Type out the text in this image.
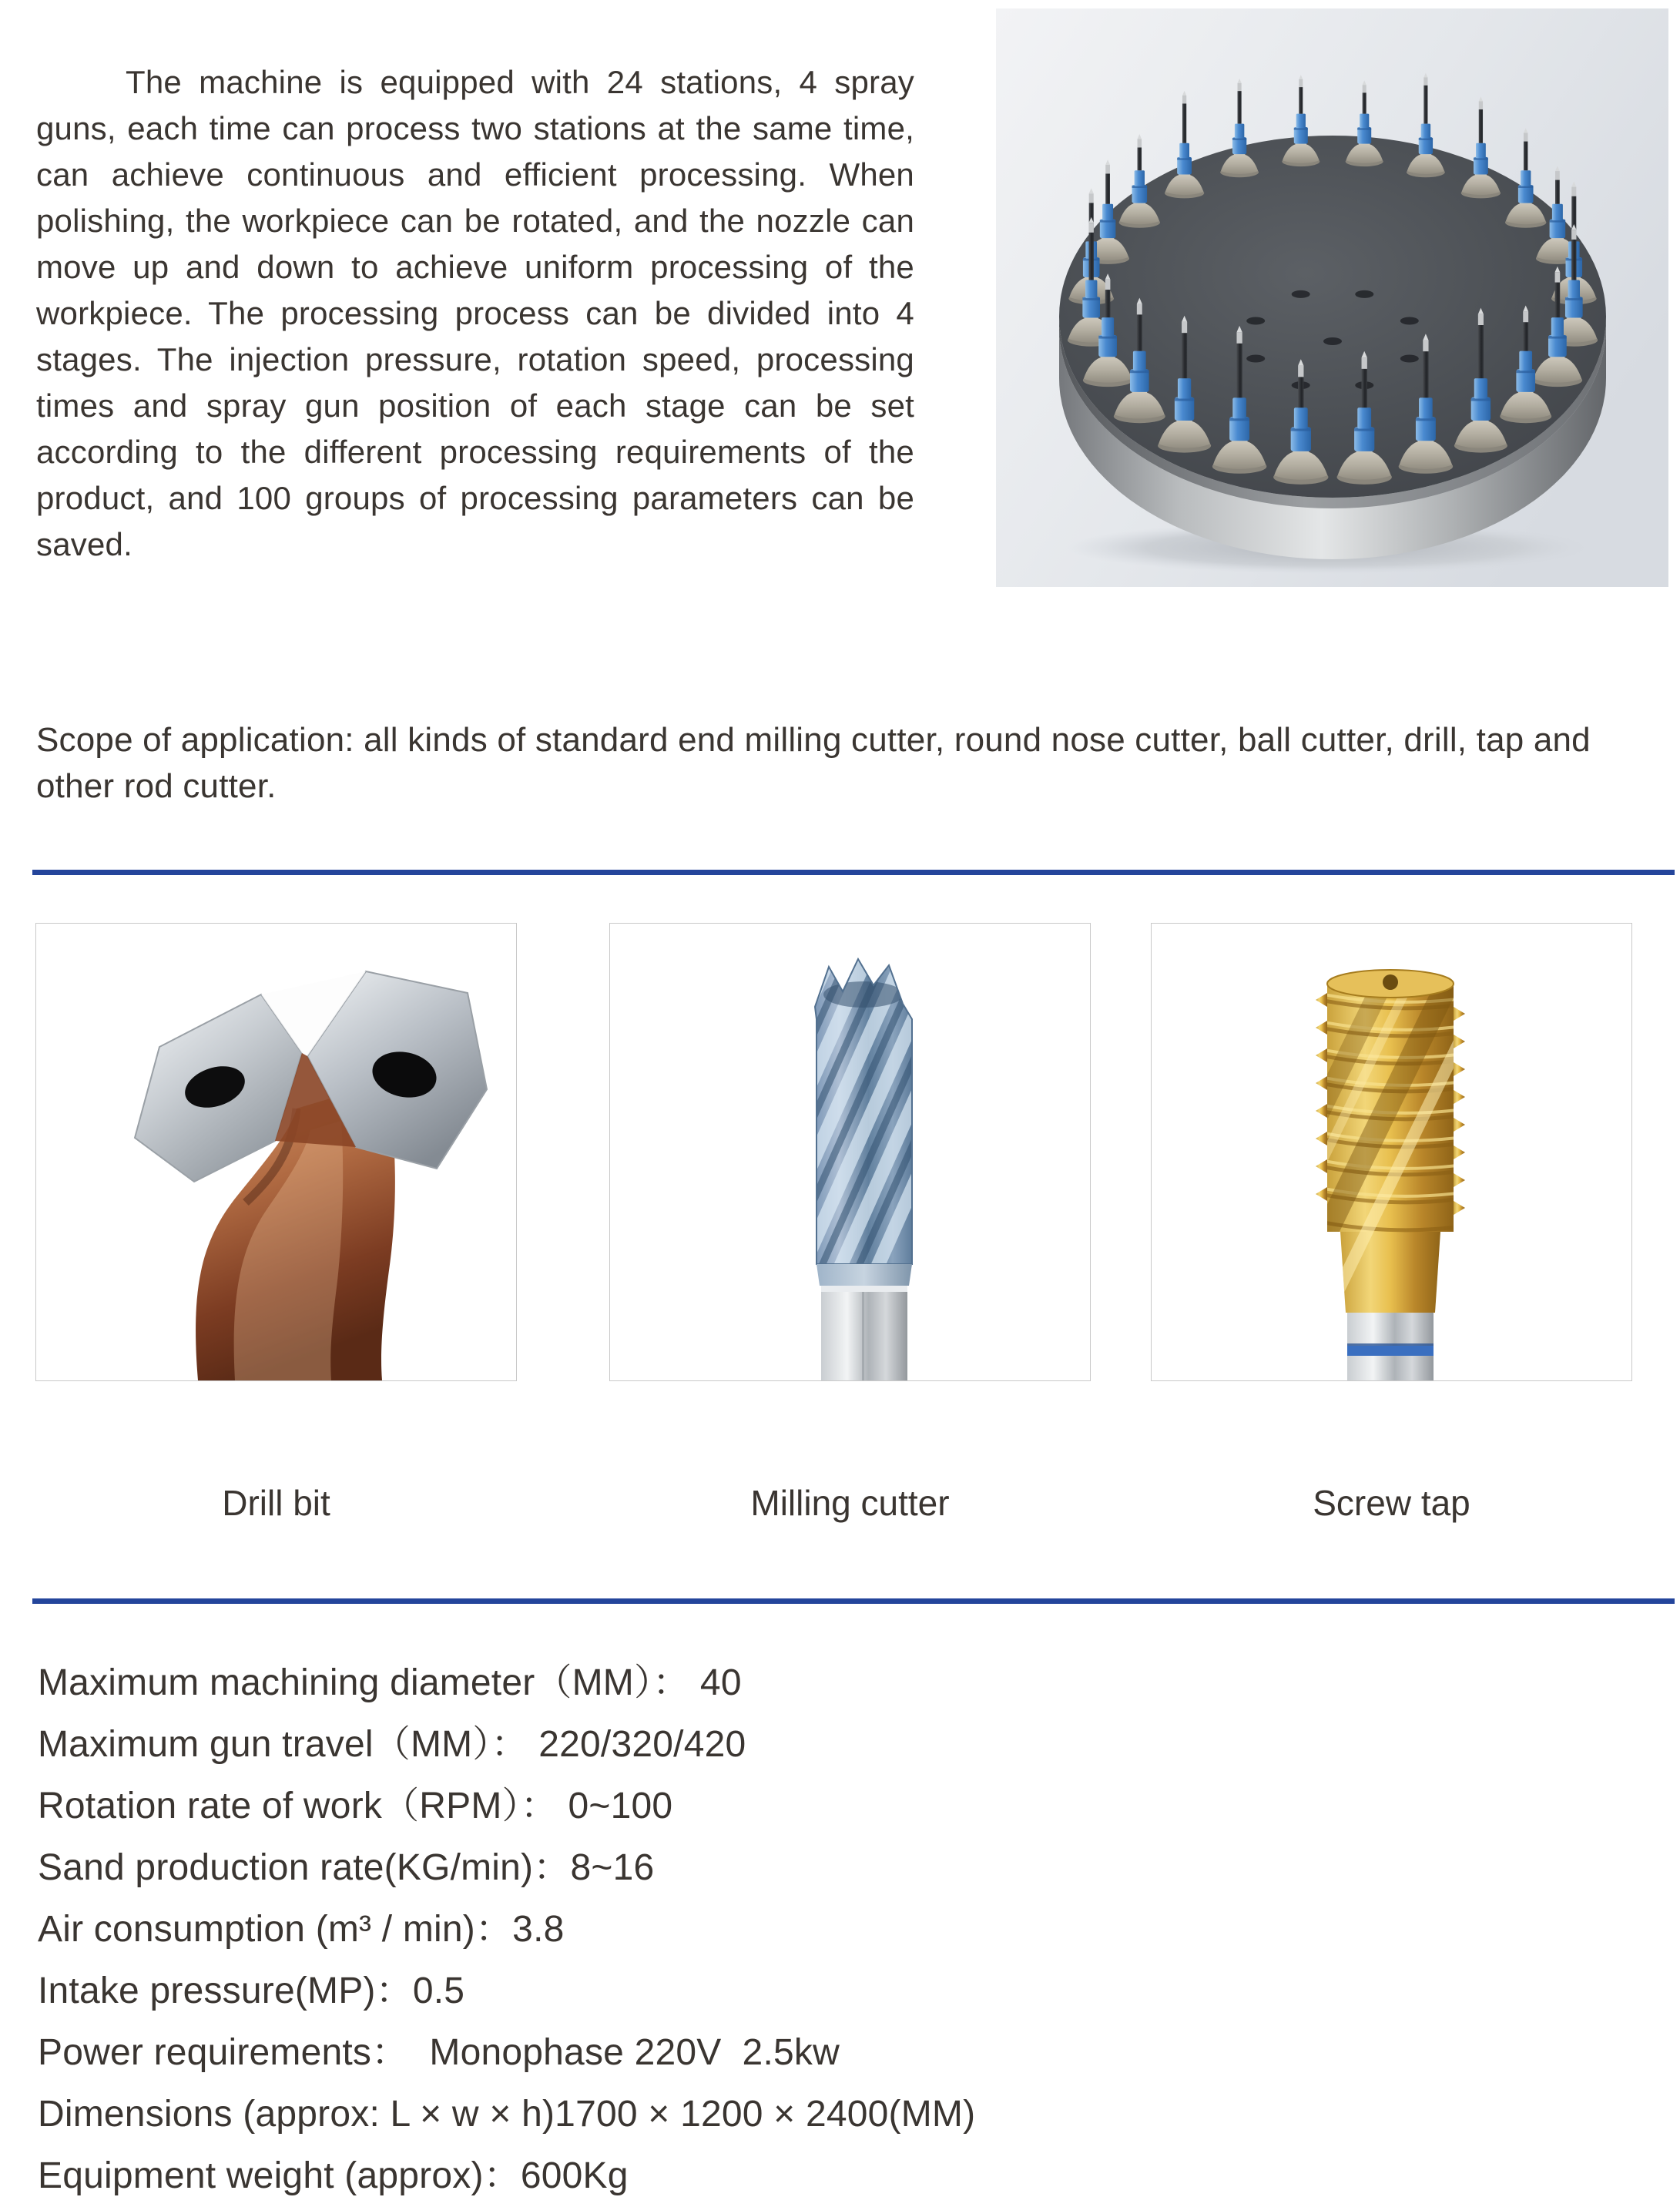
The machine is equipped with 24 stations, 4 spray guns, each time can process two stations at the same time, can achieve continuous and efficient processing. When polishing, the workpiece can be rotated, and the nozzle can move up and down to achieve uniform processing of the workpiece. The processing process can be divided into 4 stages. The injection pressure, rotation speed, processing times and spray gun position of each stage can be set according to the different processing requirements of the product, and 100 groups of processing parameters can be saved.

Scope of application: all kinds of standard end milling cutter, round nose cutter, ball cutter, drill, tap and other rod cutter.

Drill bit	Milling cutter	Screw tap

Maximum machining diameter（MM）： 40

Maximum gun travel（MM）： 220/320/420

Rotation rate of work（RPM）： 0~100

Sand production rate(KG/min)：8~16

Air consumption (m³ / min)：3.8

Intake pressure(MP)：0.5

Power requirements：  Monophase 220V  2.5kw

Dimensions (approx: L × w × h)1700 × 1200 × 2400(MM)

Equipment weight (approx)：600Kg
